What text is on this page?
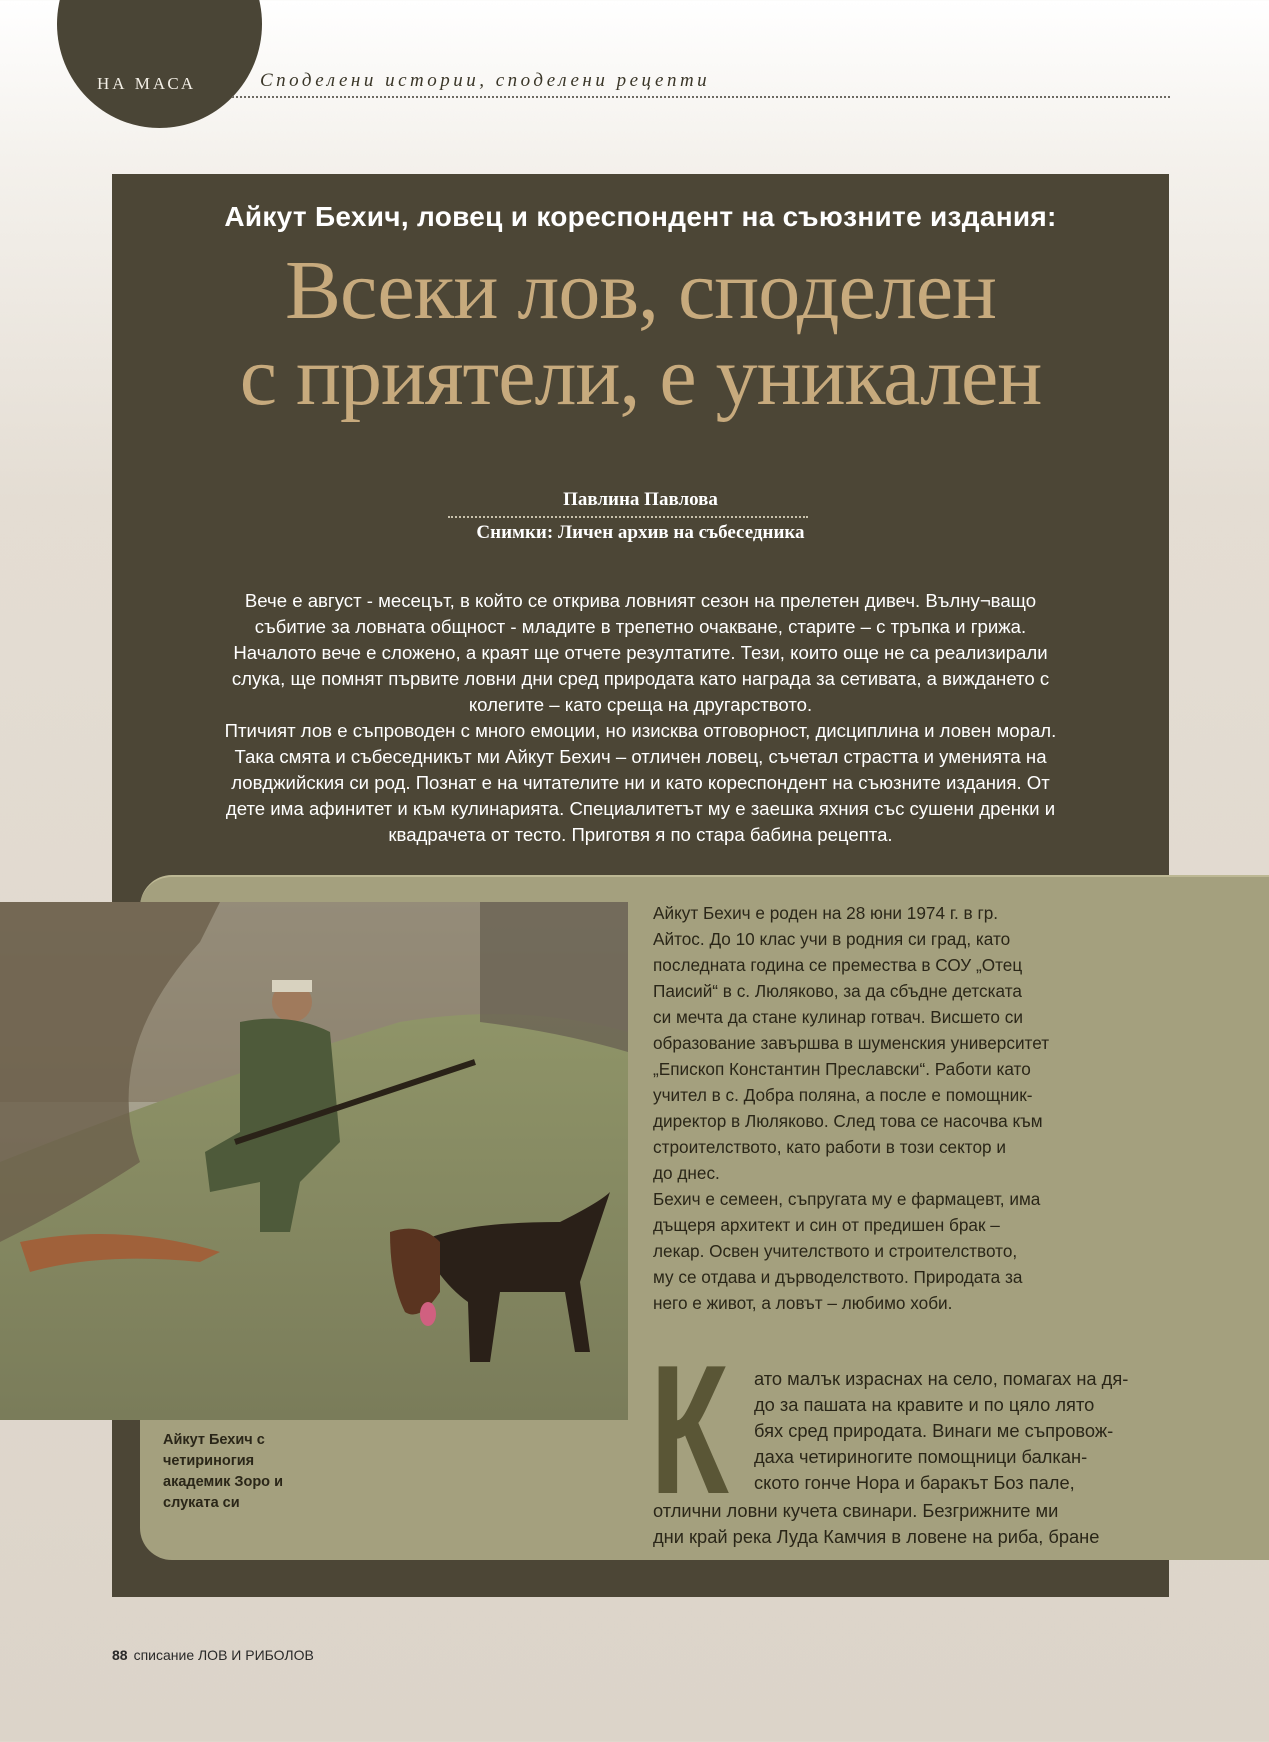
НА МАСА	Споделени истории, споделени рецепти
Айкут Бехич, ловец и кореспондент на съюзните издания:
Всеки лов, споделен
с приятели, е уникален
Павлина Павлова
Снимки: Личен архив на събеседника
Вече е август - месецът, в който се открива ловният сезон на прелетен дивеч. Вълну¬ващо
събитие за ловната общност - младите в трепетно очакване, старите – с тръпка и грижа.
Началото вече е сложено, а краят ще отчете резултатите. Тези, които още не са реализирали
слука, ще помнят първите ловни дни сред природата като награда за сетивата, а виждането с
колегите – като среща на другарството.
Птичият лов е съпроводен с много емоции, но изисква отговорност, дисциплина и ловен морал.
Така смята и събеседникът ми Айкут Бехич – отличен ловец, съчетал страстта и уменията на
ловджийския си род. Познат е на читателите ни и като кореспондент на съюзните издания. От
дете има афинитет и към кулинарията. Специалитетът му е заешка яхния със сушени дренки и
квадрачета от тесто. Приготвя я по стара бабина рецепта.
Айкут Бехич е роден на 28 юни 1974 г. в гр.
Айтос. До 10 клас учи в родния си град, като
последната година се премества в СОУ „Отец
Паисий“ в с. Люляково, за да сбъдне детската
си мечта да стане кулинар готвач. Висшето си
образование завършва в шуменския университет
„Епископ Константин Преславски“. Работи като
учител в с. Добра поляна, а после е помощник-
директор в Люляково. След това се насочва към
строителството, като работи в този сектор и
до днес.
Бехич е семеен, съпругата му е фармацевт, има
дъщеря архитект и син от предишен брак –
лекар. Освен учителството и строителството,
му се отдава и дърводелството. Природата за
него е живот, а ловът – любимо хоби.
К	ато малък израснах на село, помагах на дя-
до за пашата на кравите и по цяло лято
бях сред природата. Винаги ме съпровож-
даха четириногите помощници балкан-
ското гонче Нора и баракът Боз пале,
отлични ловни кучета свинари. Безгрижните ми
дни край река Луда Камчия в ловене на риба, бране
Айкут Бехич с
четириногия
академик Зоро и
слуката си
88 списание ЛОВ И РИБОЛОВ
